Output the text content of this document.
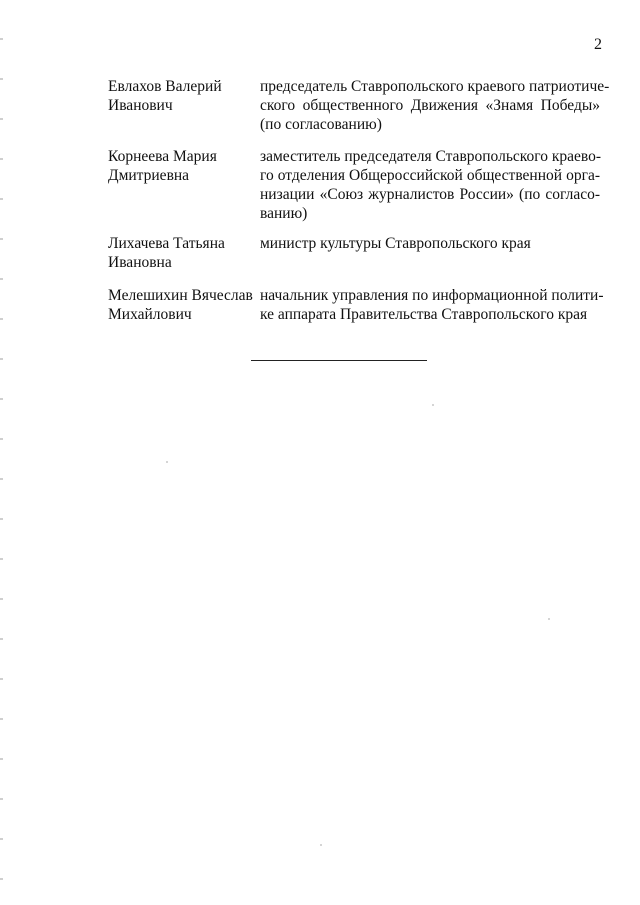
2
Евлахов Валерий
Иванович
председатель Ставропольского краевого патриотиче-
ского общественного Движения «Знамя Победы»
(по согласованию)
Корнеева Мария
Дмитриевна
заместитель председателя Ставропольского краево-
го отделения Общероссийской общественной орга-
низации «Союз журналистов России» (по согласо-
ванию)
Лихачева Татьяна
Ивановна
министр культуры Ставропольского края
Мелешихин Вячеслав
Михайлович
начальник управления по информационной полити-
ке аппарата Правительства Ставропольского края
